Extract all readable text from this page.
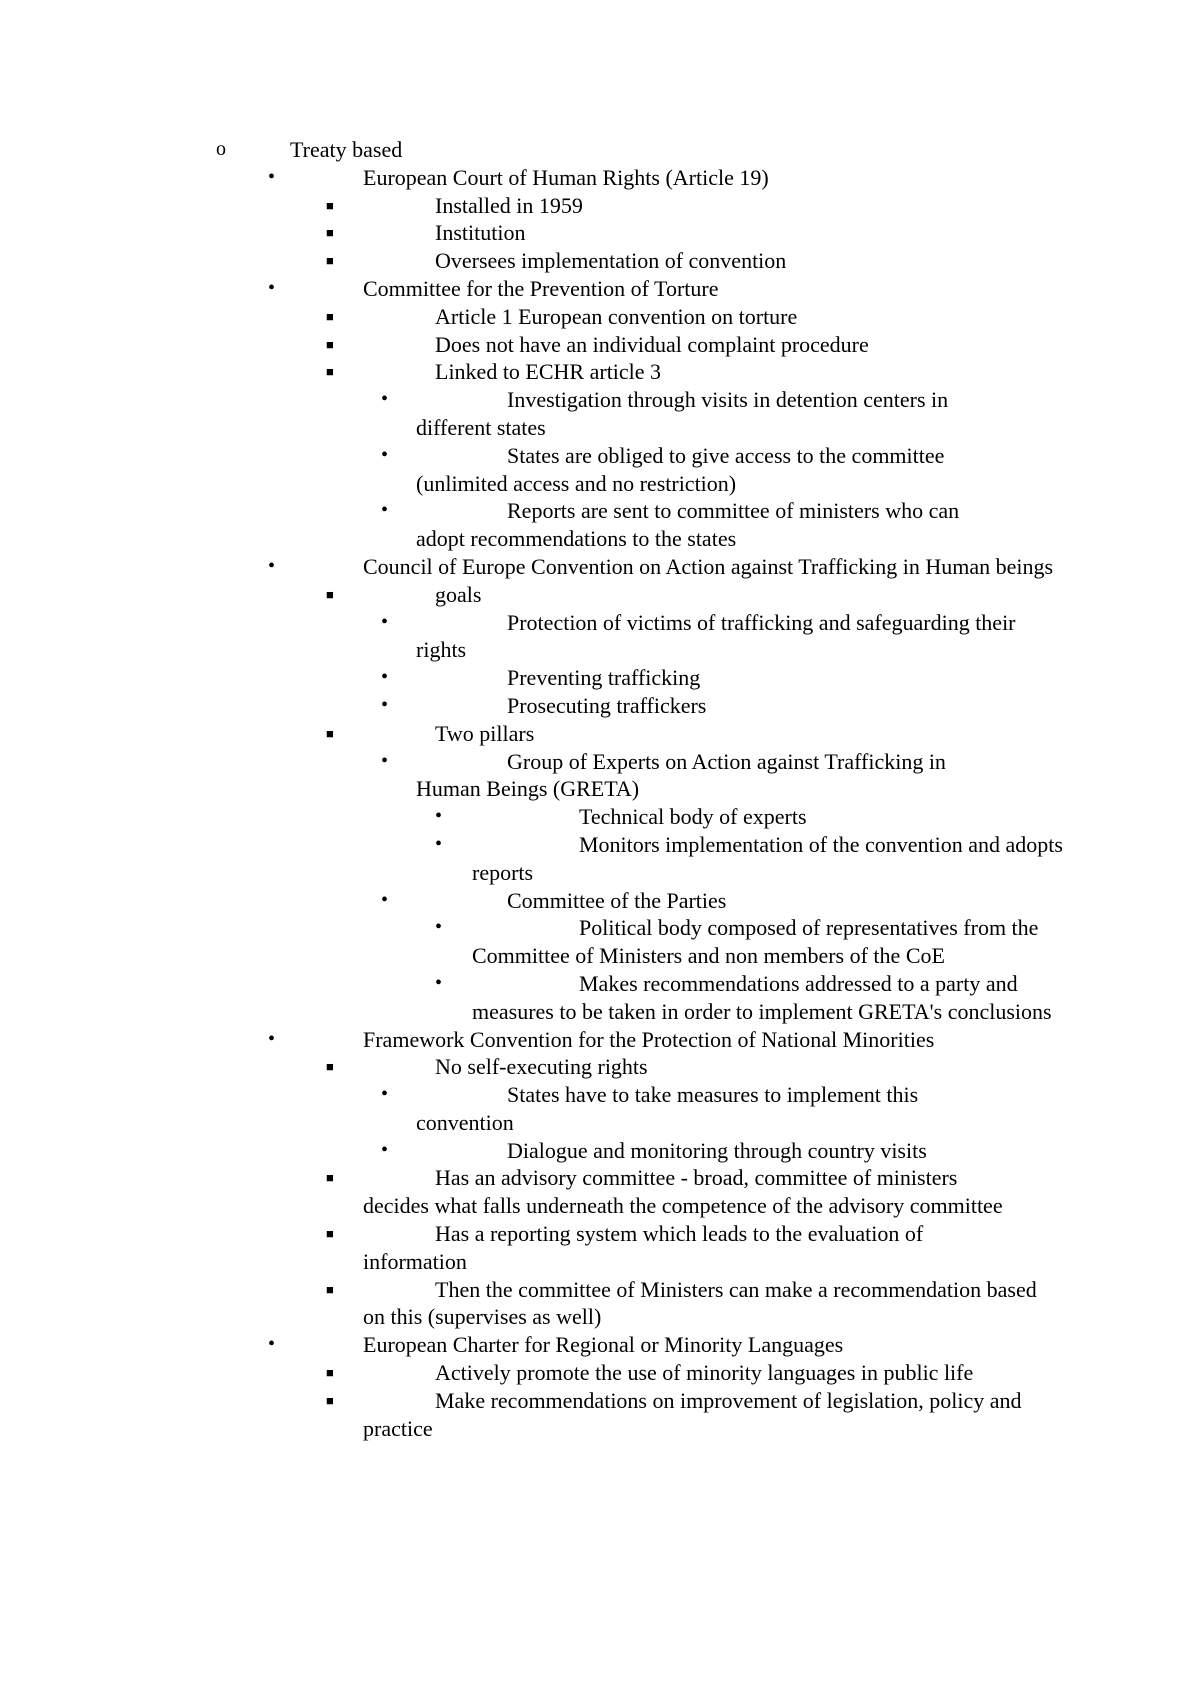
o	Treaty based
•	European Court of Human Rights (Article 19)
■	Installed in 1959
■	Institution
■	Oversees implementation of convention
•	Committee for the Prevention of Torture
■	Article 1 European convention on torture
■	Does not have an individual complaint procedure
■	Linked to ECHR article 3
•	Investigation through visits in detention centers in different states
•	States are obliged to give access to the committee (unlimited access and no restriction)
•	Reports are sent to committee of ministers who can adopt recommendations to the states
•	Council of Europe Convention on Action against Trafficking in Human beings
■	goals
•	Protection of victims of trafficking and safeguarding their rights
•	Preventing trafficking
•	Prosecuting traffickers
■	Two pillars
•	Group of Experts on Action against Trafficking in Human Beings (GRETA)
•	Technical body of experts
•	Monitors implementation of the convention and adopts reports
•	Committee of the Parties
•	Political body composed of representatives from the Committee of Ministers and non members of the CoE
•	Makes recommendations addressed to a party and measures to be taken in order to implement GRETA's conclusions
•	Framework Convention for the Protection of National Minorities
■	No self-executing rights
•	States have to take measures to implement this convention
•	Dialogue and monitoring through country visits
■	Has an advisory committee - broad, committee of ministers decides what falls underneath the competence of the advisory committee
■	Has a reporting system which leads to the evaluation of information
■	Then the committee of Ministers can make a recommendation based on this (supervises as well)
•	European Charter for Regional or Minority Languages
■	Actively promote the use of minority languages in public life
■	Make recommendations on improvement of legislation, policy and practice
